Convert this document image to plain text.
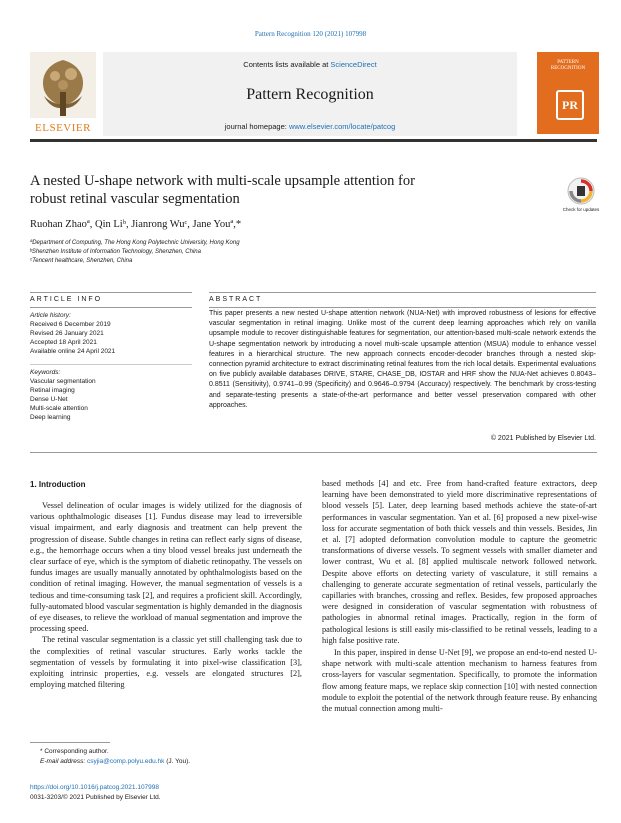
Pattern Recognition 120 (2021) 107998
Contents lists available at ScienceDirect
Pattern Recognition
journal homepage: www.elsevier.com/locate/patcog
ELSEVIER
PATTERN RECOGNITION
PR
A nested U-shape network with multi-scale upsample attention for
robust retinal vascular segmentation
Check for updates
Ruohan Zhaoª, Qin Liᵇ, Jianrong Wuᶜ, Jane Youª,*
ªDepartment of Computing, The Hong Kong Polytechnic University, Hong Kong
ᵇShenzhen Institute of Information Technology, Shenzhen, China
ᶜTencent healthcare, Shenzhen, China
ARTICLE INFO
Article history:
Received 6 December 2019
Revised 26 January 2021
Accepted 18 April 2021
Available online 24 April 2021
Keywords:
Vascular segmentation
Retinal imaging
Dense U-Net
Multi-scale attention
Deep learning
ABSTRACT
This paper presents a new nested U-shape attention network (NUA-Net) with improved robustness of lesions for effective vascular segmentation in retinal imaging. Unlike most of the current deep learning approaches which rely on vanilla upsample module to recover distinguishable features for segmentation, our attention-based multi-scale network extends the U-shape segmentation network by introducing a novel multi-scale upsample attention (MSUA) module to enhance vessel features in a hierarchical structure. The new approach connects encoder-decoder branches through a nested skip-connection pyramid architecture to extract discriminating retinal features from the rich local details. Experimental evaluations on five publicly available databases DRIVE, STARE, CHASE_DB, IOSTAR and HRF show the NUA-Net achieves 0.8043–0.8511 (Sensitivity), 0.9741–0.99 (Specificity) and 0.9646–0.9794 (Accuracy) respectively. The benchmark by cross-testing and separate-testing presents a state-of-the-art performance and better vessel preservation compared with other approaches.
© 2021 Published by Elsevier Ltd.
1. Introduction

Vessel delineation of ocular images is widely utilized for the diagnosis of various ophthalmologic diseases [1]. Fundus disease may lead to irreversible visual impairment, and early diagnosis and treatment can help prevent the progression of disease. Subtle changes in retina can reflect early signs of disease, e.g., the hemorrhage occurs when a tiny blood vessel breaks just underneath the clear surface of eye, which is the symptom of diabetic retinopathy. The vessels on fundus images are usually manually annotated by ophthalmologists based on the condition of retinal imaging. However, the manual segmentation of vessels is a tedious and time-consuming task [2], and requires a proficient skill. Accordingly, fully-automated blood vascular segmentation is highly demanded in the diagnosis of eye diseases, to relieve the workload of manual segmentation and improve the processing speed.

The retinal vascular segmentation is a classic yet still challenging task due to the complexities of retinal vascular structures. Early works tackle the segmentation of vessels by formulating it into pixel-wise classification [3], exploiting intrinsic properties, e.g. vessels are elongated structures [2], employing matched filtering

based methods [4] and etc. Free from hand-crafted feature extractors, deep learning have been demonstrated to yield more discriminative representations of blood vessels [5]. Later, deep learning based methods achieve the state-of-art performances in vascular segmentation. Yan et al. [6] proposed a new pixel-wise loss for accurate segmentation of both thick vessels and thin vessels. Besides, Jin et al. [7] adopted deformation convolution module to capture the geometric transformations of diverse vessels. To segment vessels with smaller diameter and lower contrast, Wu et al. [8] applied multiscale network followed network. Despite above efforts on detecting variety of vasculature, it still remains a challenging to generate accurate segmentation of retinal vessels, particularly the capillaries with branches, crossing and reflex. Besides, few proposed approaches were designed in consideration of vascular segmentation with robustness of pathologies in abnormal retinal images. Practically, region in the form of pathological lesions is still easily mis-classified to be retinal vessels, leading to a high false positive rate.

In this paper, inspired in dense U-Net [9], we propose an end-to-end nested U-shape network with multi-scale attention mechanism to harness features from cross-layers for vascular segmentation. Specifically, to promote the information flow among feature maps, we replace skip connection [10] with nested connection module to exploit the potential of the network through feature reuse. By enhancing the mutual connection among multi-

* Corresponding author.
E-mail address: csyjia@comp.polyu.edu.hk (J. You).
https://doi.org/10.1016/j.patcog.2021.107998
0031-3203/© 2021 Published by Elsevier Ltd.
